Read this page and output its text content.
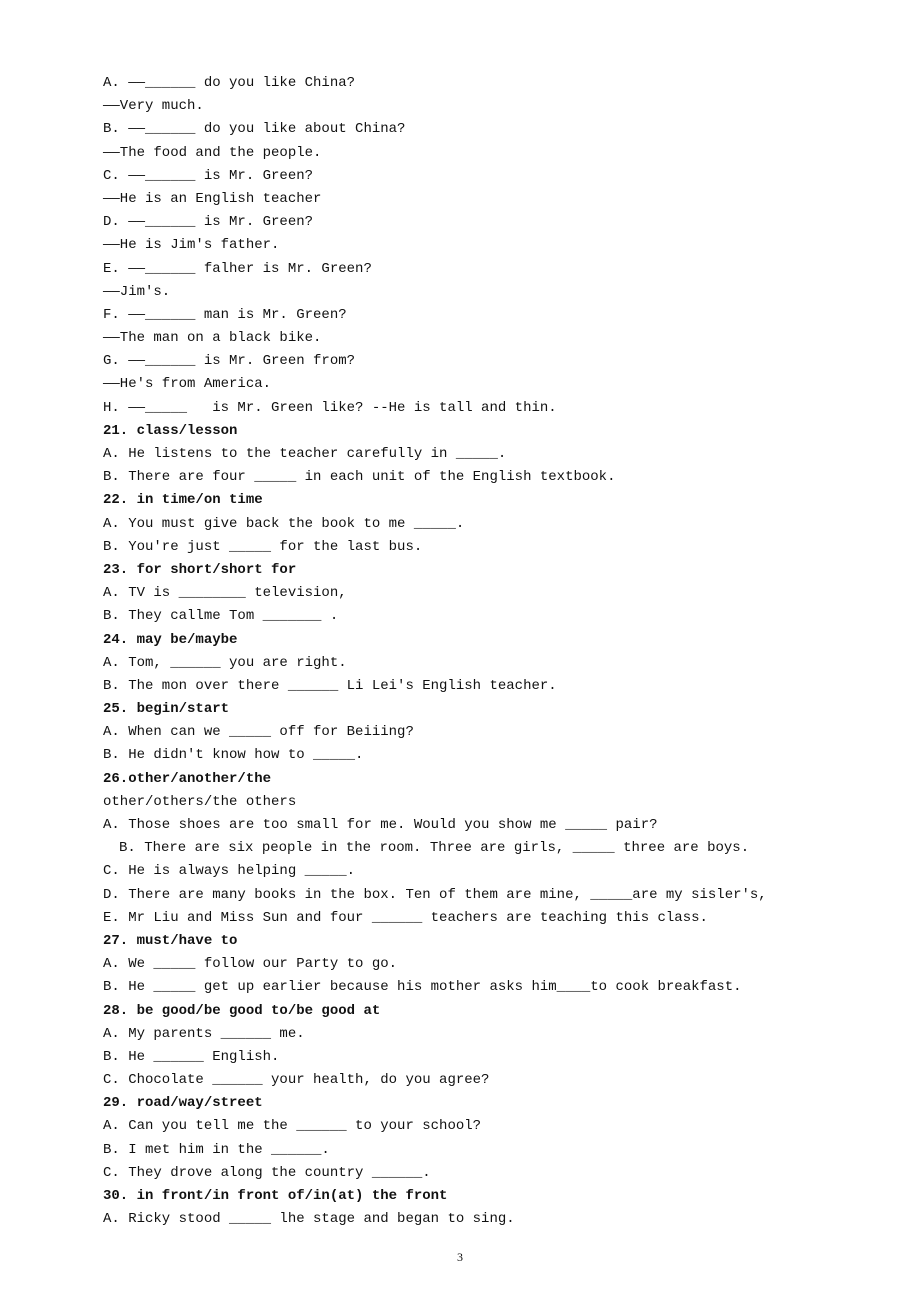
A. ——______ do you like China?
——Very much.
B. ——______ do you like about China?
——The food and the people.
C. ——______ is Mr. Green?
——He is an English teacher
D. ——______ is Mr. Green?
——He is Jim's father.
E. ——______ falher is Mr. Green?
——Jim's.
F. ——______ man is Mr. Green?
——The man on a black bike.
G. ——______ is Mr. Green from?
——He's from America.
H. ——_____   is Mr. Green like? --He is tall and thin.
21. class/lesson
A. He listens to the teacher carefully in _____.
B. There are four _____ in each unit of the English textbook.
22. in time/on time
A. You must give back the book to me _____.
B. You're just _____ for the last bus.
23. for short/short for
A. TV is ________ television,
B. They callme Tom _______ .
24. may be/maybe
A. Tom, ______ you are right.
B. The mon over there ______ Li Lei's English teacher.
25. begin/start
A. When can we _____ off for Beiiing?
B. He didn't know how to _____.
26.other/another/the
other/others/the others
A. Those shoes are too small for me. Would you show me _____ pair?
B. There are six people in the room. Three are girls, _____ three are boys.
C. He is always helping _____.
D. There are many books in the box. Ten of them are mine, _____are my sisler's,
E. Mr Liu and Miss Sun and four ______ teachers are teaching this class.
27. must/have to
A. We _____ follow our Party to go.
B. He _____ get up earlier because his mother asks him____to cook breakfast.
28. be good/be good to/be good at
A. My parents ______ me.
B. He ______ English.
C. Chocolate ______ your health, do you agree?
29. road/way/street
A. Can you tell me the ______ to your school?
B. I met him in the ______.
C. They drove along the country ______.
30. in front/in front of/in(at) the front
A. Ricky stood _____ lhe stage and began to sing.
3
